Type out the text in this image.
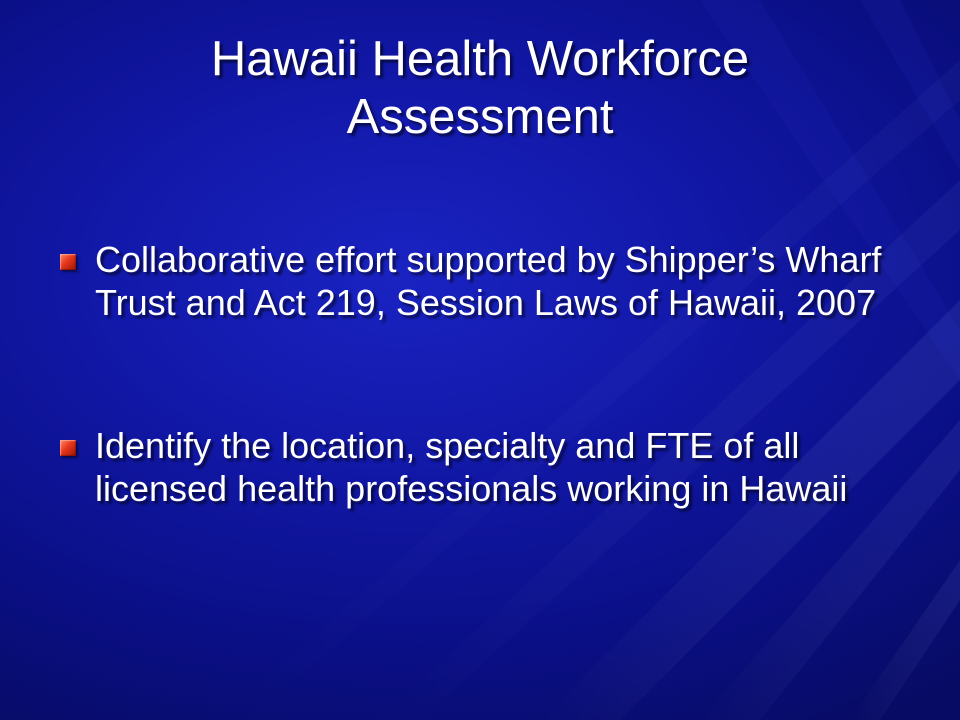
Hawaii Health Workforce Assessment
Collaborative effort supported by Shipper’s Wharf Trust and Act 219, Session Laws of Hawaii, 2007
Identify the location, specialty and FTE of all licensed health professionals working in Hawaii
